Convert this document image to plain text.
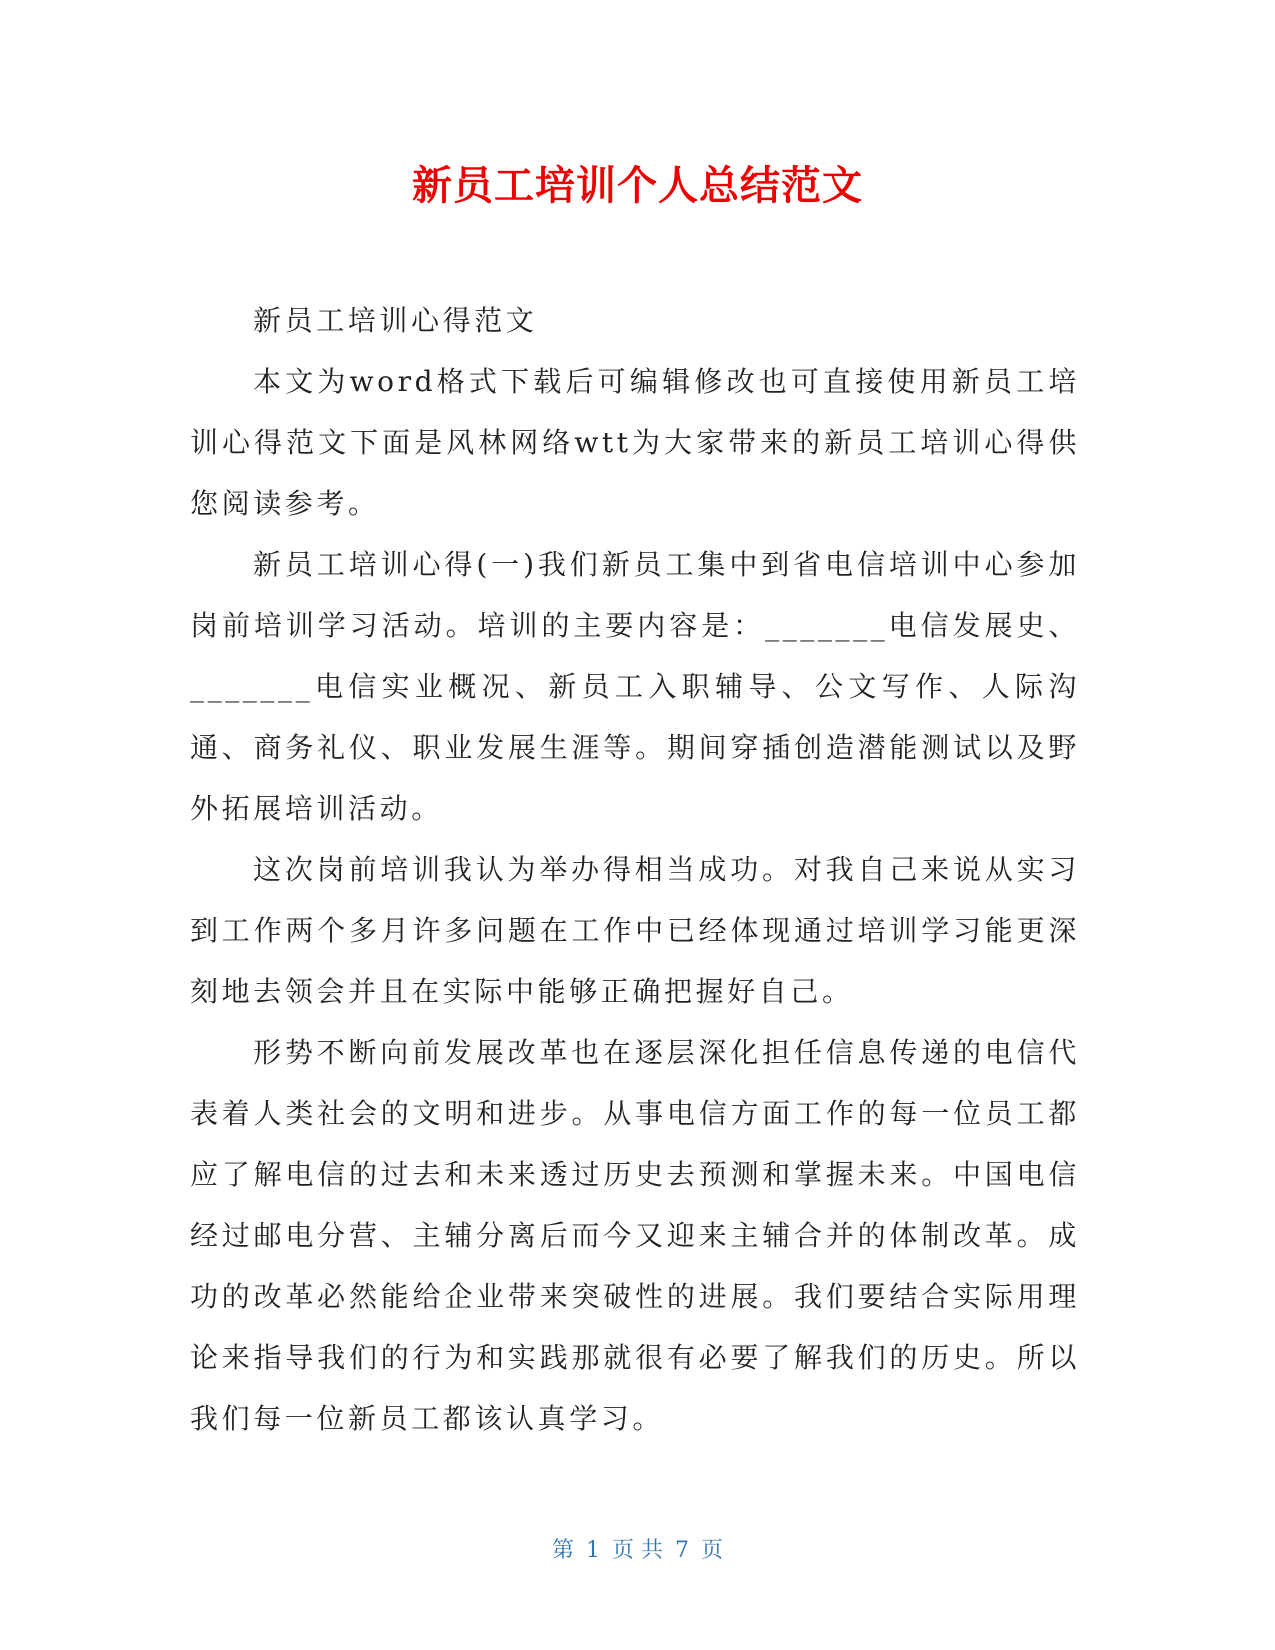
新员工培训个人总结范文

新员工培训心得范文

本文为word格式下载后可编辑修改也可直接使用新员工培训心得范文下面是风林网络wtt为大家带来的新员工培训心得供您阅读参考。

新员工培训心得(一)我们新员工集中到省电信培训中心参加岗前培训学习活动。培训的主要内容是：_______电信发展史、_______电信实业概况、新员工入职辅导、公文写作、人际沟通、商务礼仪、职业发展生涯等。期间穿插创造潜能测试以及野外拓展培训活动。

这次岗前培训我认为举办得相当成功。对我自己来说从实习到工作两个多月许多问题在工作中已经体现通过培训学习能更深刻地去领会并且在实际中能够正确把握好自己。

形势不断向前发展改革也在逐层深化担任信息传递的电信代表着人类社会的文明和进步。从事电信方面工作的每一位员工都应了解电信的过去和未来透过历史去预测和掌握未来。中国电信经过邮电分营、主辅分离后而今又迎来主辅合并的体制改革。成功的改革必然能给企业带来突破性的进展。我们要结合实际用理论来指导我们的行为和实践那就很有必要了解我们的历史。所以我们每一位新员工都该认真学习。

第 1 页 共 7 页
